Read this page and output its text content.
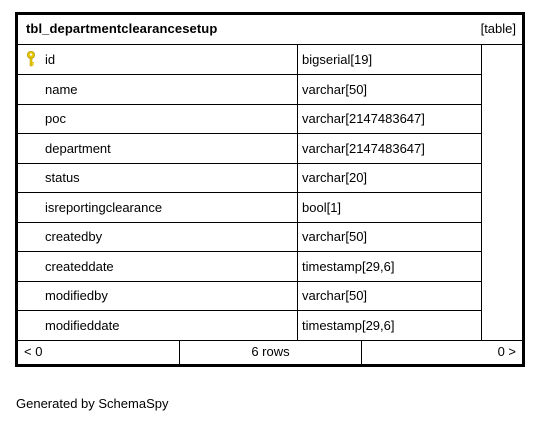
tbl_departmentclearancesetup	[table]
id	bigserial[19]
name	varchar[50]
poc	varchar[2147483647]
department	varchar[2147483647]
status	varchar[20]
isreportingclearance	bool[1]
createdby	varchar[50]
createddate	timestamp[29,6]
modifiedby	varchar[50]
modifieddate	timestamp[29,6]
< 0	6 rows	0 >
Generated by SchemaSpy
